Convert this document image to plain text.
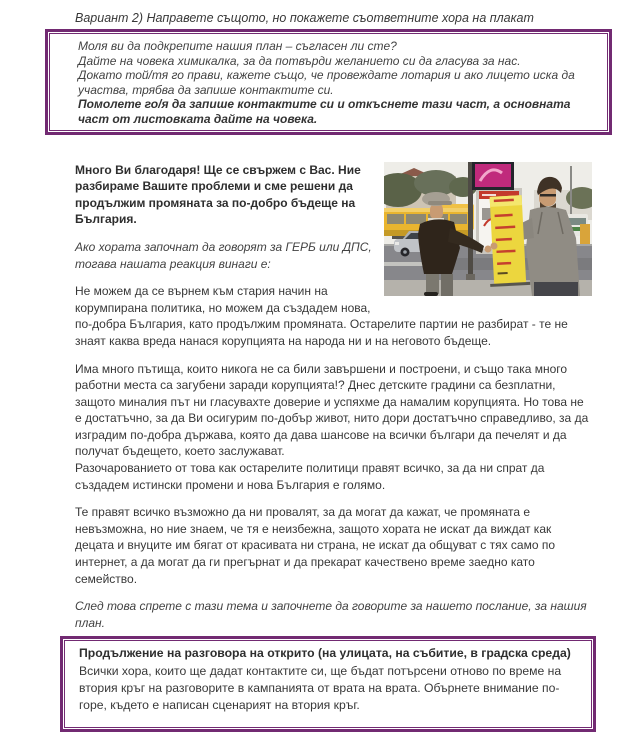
Вариант 2) Направете същото, но покажете съответните хора на плакат

Моля ви да подкрепите нашия план – съгласен ли сте?

Дайте на човека химикалка, за да потвърди желанието си да гласува за нас.

Докато той/тя го прави, кажете също, че провеждате лотария и ако лицето иска да участва, трябва да запише контактите си.

Помолете го/я да запише контактите си и откъснете тази част, а основната част от листовката дайте на човека.

Много Ви благодаря! Ще се свържем с Вас. Ние разбираме Вашите проблеми и сме решени да продължим промяната за по-добро бъдеще на България.

Ако хората започнат да говорят за ГЕРБ или ДПС, тогава нашата реакция винаги е:

Не можем да се върнем към стария начин на корумпирана политика, но можем да създадем нова, по-добра България, като продължим промяната. Остарелите партии не разбират - те не знаят каква вреда нанася корупцията на народа ни и на неговото бъдеще.

Има много пътища, които никога не са били завършени и построени, и също така много работни места са загубени заради корупцията!? Днес детските градини са безплатни, защото миналия път ни гласувахте доверие и успяхме да намалим корупцията. Но това не е достатъчно, за да Ви осигурим по-добър живот, нито дори достатъчно справедливо, за да изградим по-добра държава, която да дава шансове на всички българи да печелят и да получат бъдещето, което заслужават.

Разочарованието от това как остарелите политици правят всичко, за да ни спрат да създадем истински промени и нова България е голямо.

Те правят всичко възможно да ни провалят, за да могат да кажат, че промяната е невъзможна, но ние знаем, че тя е неизбежна, защото хората не искат да виждат как децата и внуците им бягат от красивата ни страна, не искат да общуват с тях само по интернет, а да могат да ги прегърнат и да прекарат качествено време заедно като семейство.

След това спрете с тази тема и започнете да говорите за нашето послание, за нашия план.

Продължение на разговора на открито (на улицата, на събитие, в градска среда)

Всички хора, които ще дадат контактите си, ще бъдат потърсени отново по време на втория кръг на разговорите в кампанията от врата на врата. Обърнете внимание по-горе, където е написан сценарият на втория кръг.
